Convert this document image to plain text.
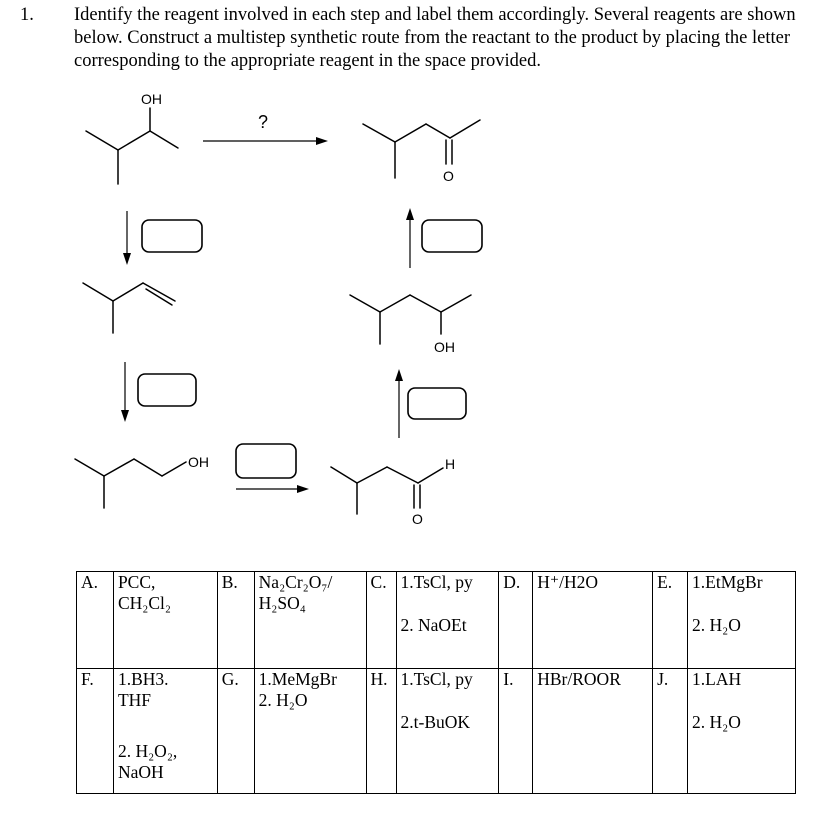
1. Identify the reagent involved in each step and label them accordingly. Several reagents are shown below. Construct a multistep synthetic route from the reactant to the product by placing the letter corresponding to the appropriate reagent in the space provided.
OH
?
O
OH
OH	H
O
A.	PCC,
CH₂Cl₂	B.	Na₂Cr₂O₇/
H₂SO₄	C.	1.TsCl, py
2. NaOEt	D.	H⁺/H2O	E.	1.EtMgBr
2. H₂O
F.	1.BH3.
THF
2. H₂O₂,
NaOH	G.	1.MeMgBr
2. H₂O	H.	1.TsCl, py
2.t-BuOK	I.	HBr/ROOR	J.	1.LAH
2. H₂O
